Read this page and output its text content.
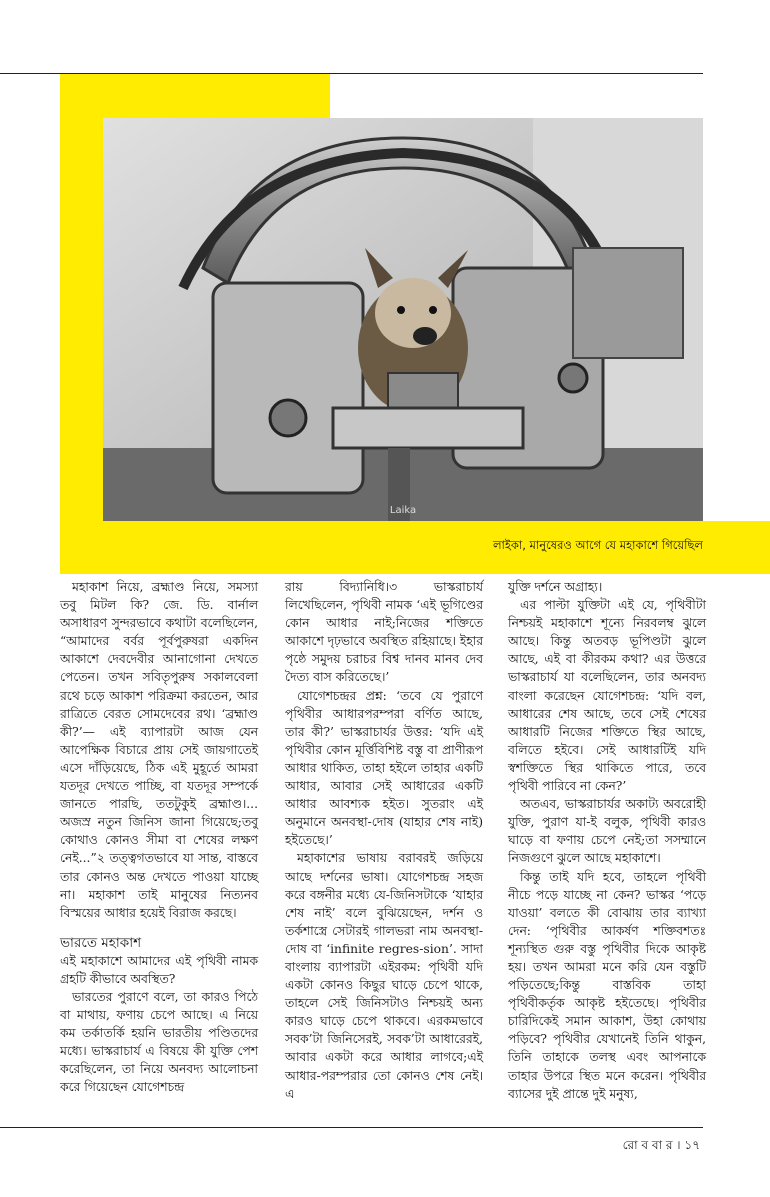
Laika
লাইকা, মানুষেরও আগে যে মহাকাশে গিয়েছিল

মহাকাশ নিয়ে, ব্রহ্মাণ্ড নিয়ে, সমস্যা তবু মিটল কি? জে. ডি. বার্নাল অসাধারণ সুন্দরভাবে কথাটা বলেছিলেন, “আমাদের বর্বর পূর্বপুরুষরা একদিন আকাশে দেবদেবীর আনাগোনা দেখতে পেতেন। তখন সবিতৃপুরুষ সকালবেলা রথে চড়ে আকাশ পরিক্রমা করতেন, আর রাত্রিতে বেরত সোমদেবের রথ। ‘ব্রহ্মাণ্ড কী?’— এই ব্যাপারটা আজ যেন আপেক্ষিক বিচারে প্রায় সেই জায়গাতেই এসে দাঁড়িয়েছে, ঠিক এই মুহূর্তে আমরা যতদূর দেখতে পাচ্ছি, বা যতদূর সম্পর্কে জানতে পারছি, ততটুকুই ব্রহ্মাণ্ড।... অজস্র নতুন জিনিস জানা গিয়েছে;তবু কোথাও কোনও সীমা বা শেষের লক্ষণ নেই...”২ তত্ত্বগতভাবে যা সান্ত, বাস্তবে তার কোনও অন্ত দেখতে পাওয়া যাচ্ছে না। মহাকাশ তাই মানুষের নিত্যনব বিস্ময়ের আধার হয়েই বিরাজ করছে।

ভারতে মহাকাশ

এই মহাকাশে আমাদের এই পৃথিবী নামক গ্রহটি কীভাবে অবস্থিত?

ভারতের পুরাণে বলে, তা কারও পিঠে বা মাথায়, ফণায় চেপে আছে। এ নিয়ে কম তর্কাতর্কি হয়নি ভারতীয় পণ্ডিতদের মধ্যে। ভাস্করাচার্য এ বিষয়ে কী যুক্তি পেশ করেছিলেন, তা নিয়ে অনবদ্য আলোচনা করে গিয়েছেন যোগেশচন্দ্র

রায় বিদ্যানিধি।৩ ভাস্করাচার্য লিখেছিলেন, পৃথিবী নামক ‘এই ভূগিণ্ডের কোন আধার নাই;নিজের শক্তিতে আকাশে দৃঢ়ভাবে অবস্থিত রহিয়াছে। ইহার পৃষ্ঠে সমুদয় চরাচর বিশ্ব দানব মানব দেব দৈত্য বাস করিতেছে।’

যোগেশচন্দ্রর প্রশ্ন: ‘তবে যে পুরাণে পৃথিবীর আধারপরম্পরা বর্ণিত আছে, তার কী?’ ভাস্করাচার্যর উত্তর: ‘যদি এই পৃথিবীর কোন মূর্ত্তিবিশিষ্ট বস্তু বা প্রাণীরূপ আধার থাকিত, তাহা হইলে তাহার একটি আধার, আবার সেই আধারের একটি আধার আবশ্যক হইত। সুতরাং এই অনুমানে অনবস্থা-দোষ (যাহার শেষ নাই) হইতেছে।’

মহাকাশের ভাষায় বরাবরই জড়িয়ে আছে দর্শনের ভাষা। যোগেশচন্দ্র সহজ করে বঙ্গনীর মধ্যে যে-জিনিসটাকে ‘যাহার শেষ নাই’ বলে বুঝিয়েছেন, দর্শন ও তর্কশাস্ত্রে সেটারই গালভরা নাম অনবস্থা-দোষ বা ‘infinite regres-sion’. সাদা বাংলায় ব্যাপারটা এইরকম: পৃথিবী যদি একটা কোনও কিছুর ঘাড়ে চেপে থাকে, তাহলে সেই জিনিসটাও নিশ্চয়ই অন্য কারও ঘাড়ে চেপে থাকবে। এরকমভাবে সবক’টা জিনিসেরই, সবক’টা আধারেরই, আবার একটা করে আধার লাগবে;এই আধার-পরম্পরার তো কোনও শেষ নেই। এ

যুক্তি দর্শনে অগ্রাহ্য।

এর পাল্টা যুক্তিটা এই যে, পৃথিবীটা নিশ্চয়ই মহাকাশে শূন্যে নিরবলম্ব ঝুলে আছে। কিন্তু অতবড় ভূপিণ্ডটা ঝুলে আছে, এই বা কীরকম কথা? এর উত্তরে ভাস্করাচার্য যা বলেছিলেন, তার অনবদ্য বাংলা করেছেন যোগেশচন্দ্র: ‘যদি বল, আধারের শেষ আছে, তবে সেই শেষের আধারটি নিজের শক্তিতে স্থির আছে, বলিতে হইবে। সেই আধারটিই যদি স্বশক্তিতে স্থির থাকিতে পারে, তবে পৃথিবী পারিবে না কেন?’

অতএব, ভাস্করাচার্যর অকাট্য অবরোহী যুক্তি, পুরাণ যা-ই বলুক, পৃথিবী কারও ঘাড়ে বা ফণায় চেপে নেই;তা সসম্মানে নিজগুণে ঝুলে আছে মহাকাশে।

কিন্তু তাই যদি হবে, তাহলে পৃথিবী নীচে পড়ে যাচ্ছে না কেন? ভাস্কর ‘পড়ে যাওয়া’ বলতে কী বোঝায় তার ব্যাখ্যা দেন: ‘পৃথিবীর আকর্ষণ শক্তিবশতঃ শূন্যস্থিত গুরু বস্তু পৃথিবীর দিকে আকৃষ্ট হয়। তখন আমরা মনে করি যেন বস্তুটি পড়িতেছে;কিন্তু বাস্তবিক তাহা পৃথিবীকর্তৃক আকৃষ্ট হইতেছে। পৃথিবীর চারিদিকেই সমান আকাশ, উহা কোথায় পড়িবে? পৃথিবীর যেখানেই তিনি থাকুন, তিনি তাহাকে তলস্থ এবং আপনাকে তাহার উপরে স্থিত মনে করেন। পৃথিবীর ব্যাসের দুই প্রান্তে দুই মনুষ্য,

রো ব বা র । ১৭
